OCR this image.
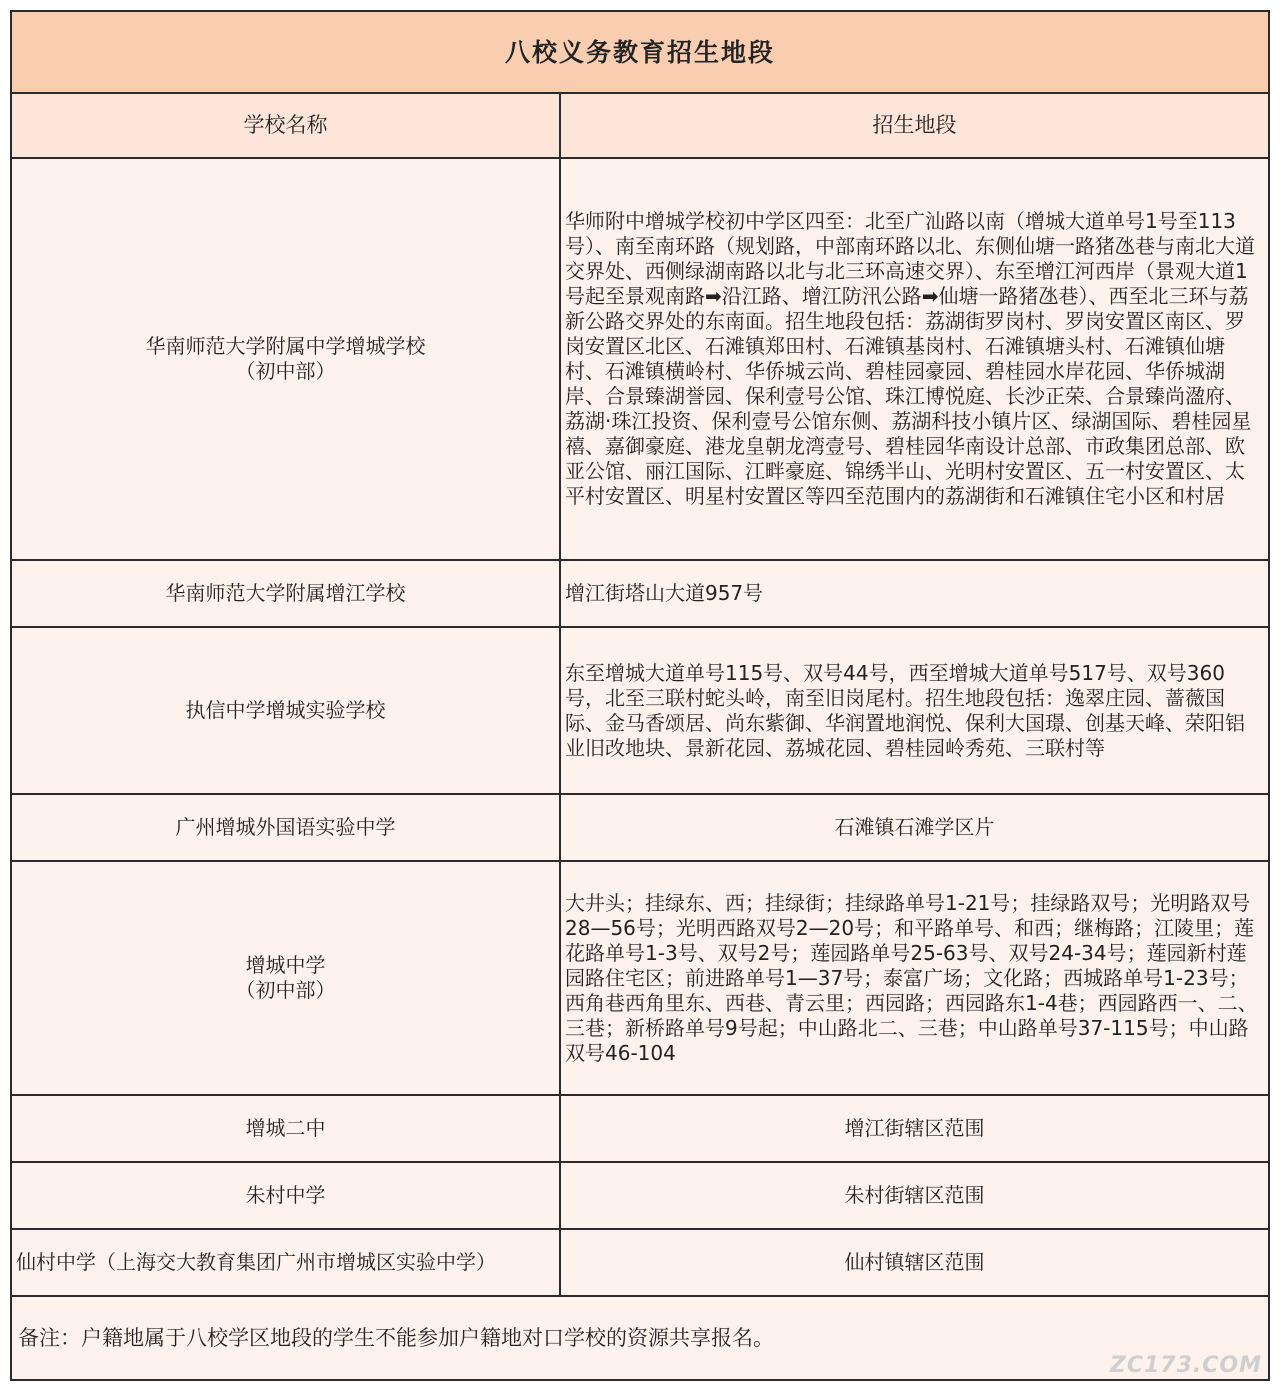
八校义务教育招生地段	
学校名称	招生地段

华南师范大学附属中学增城学校
（初中部）	华师附中增城学校初中学区四至：北至广汕路以南（增城大道单号1号至113号）、南至南环路（规划路，中部南环路以北、东侧仙塘一路猪氹巷与南北大道交界处、西侧绿湖南路以北与北三环高速交界）、东至增江河西岸（景观大道1号起至景观南路➡沿江路、增江防汛公路➡仙塘一路猪氹巷）、西至北三环与荔新公路交界处的东南面。招生地段包括：荔湖街罗岗村、罗岗安置区南区、罗岗安置区北区、石滩镇郑田村、石滩镇基岗村、石滩镇塘头村、石滩镇仙塘村、石滩镇横岭村、华侨城云尚、碧桂园豪园、碧桂园水岸花园、华侨城湖岸、合景臻湖誉园、保利壹号公馆、珠江博悦庭、长沙正荣、合景臻尚溋府、荔湖·珠江投资、保利壹号公馆东侧、荔湖科技小镇片区、绿湖国际、碧桂园星禧、嘉御豪庭、港龙皇朝龙湾壹号、碧桂园华南设计总部、市政集团总部、欧亚公馆、丽江国际、江畔豪庭、锦绣半山、光明村安置区、五一村安置区、太平村安置区、明星村安置区等四至范围内的荔湖街和石滩镇住宅小区和村居
华南师范大学附属增江学校	增江街塔山大道957号
执信中学增城实验学校	东至增城大道单号115号、双号44号，西至增城大道单号517号、双号360号，北至三联村蛇头岭，南至旧岗尾村。招生地段包括：逸翠庄园、蔷薇国际、金马香颂居、尚东紫御、华润置地润悦、保利大国璟、创基天峰、荣阳铝业旧改地块、景新花园、荔城花园、碧桂园岭秀苑、三联村等
广州增城外国语实验中学	石滩镇石滩学区片

增城中学
（初中部）	大井头；挂绿东、西；挂绿街；挂绿路单号1-21号；挂绿路双号；光明路双号28—56号；光明西路双号2—20号；和平路单号、和西；继梅路；江陵里；莲花路单号1-3号、双号2号；莲园路单号25-63号、双号24-34号；莲园新村莲园路住宅区；前进路单号1—37号；泰富广场；文化路；西城路单号1-23号；西角巷西角里东、西巷、青云里；西园路；西园路东1-4巷；西园路西一、二、三巷；新桥路单号9号起；中山路北二、三巷；中山路单号37-115号；中山路双号46-104
增城二中	增江街辖区范围
朱村中学	朱村街辖区范围
仙村中学（上海交大教育集团广州市增城区实验中学）	仙村镇辖区范围
备注：户籍地属于八校学区地段的学生不能参加户籍地对口学校的资源共享报名。	
ZC173.COM
